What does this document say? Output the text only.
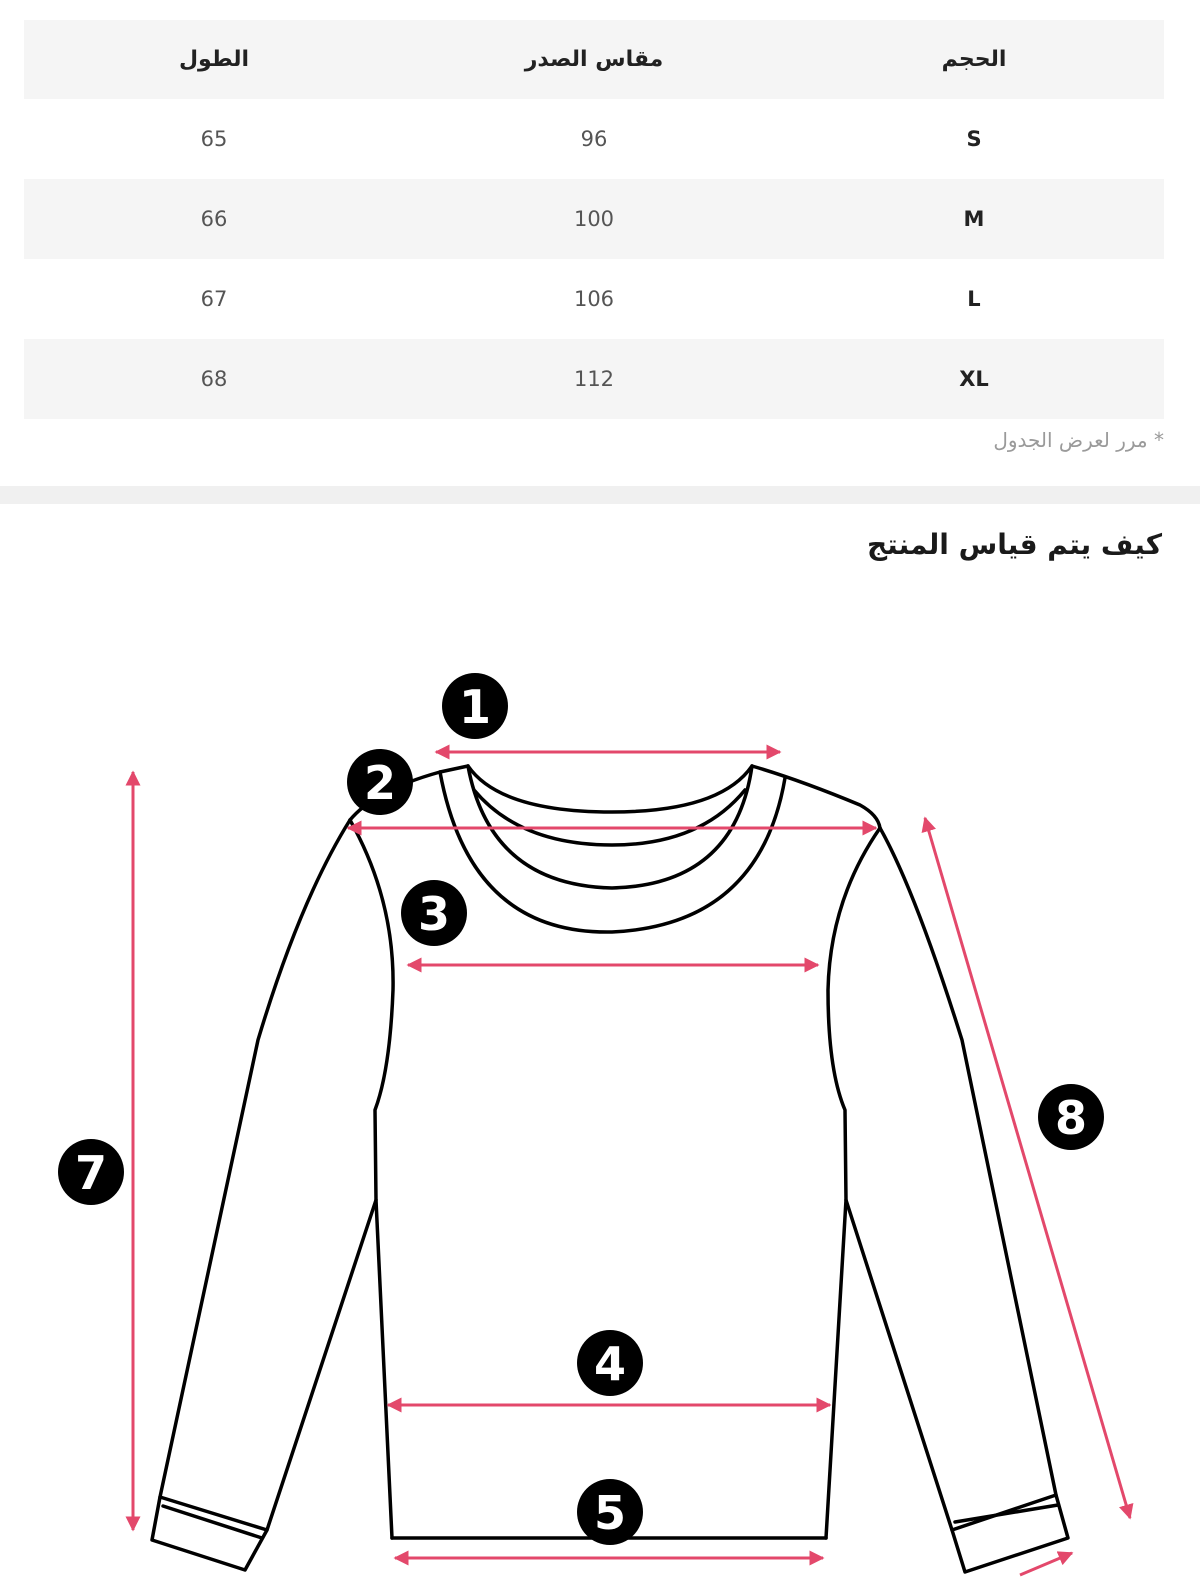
الحجم	مقاس الصدر	الطول
S	96	65
M	100	66
L	106	67
XL	112	68
* مرر لعرض الجدول
كيف يتم قياس المنتج
1
2
3
4
5
7
8
